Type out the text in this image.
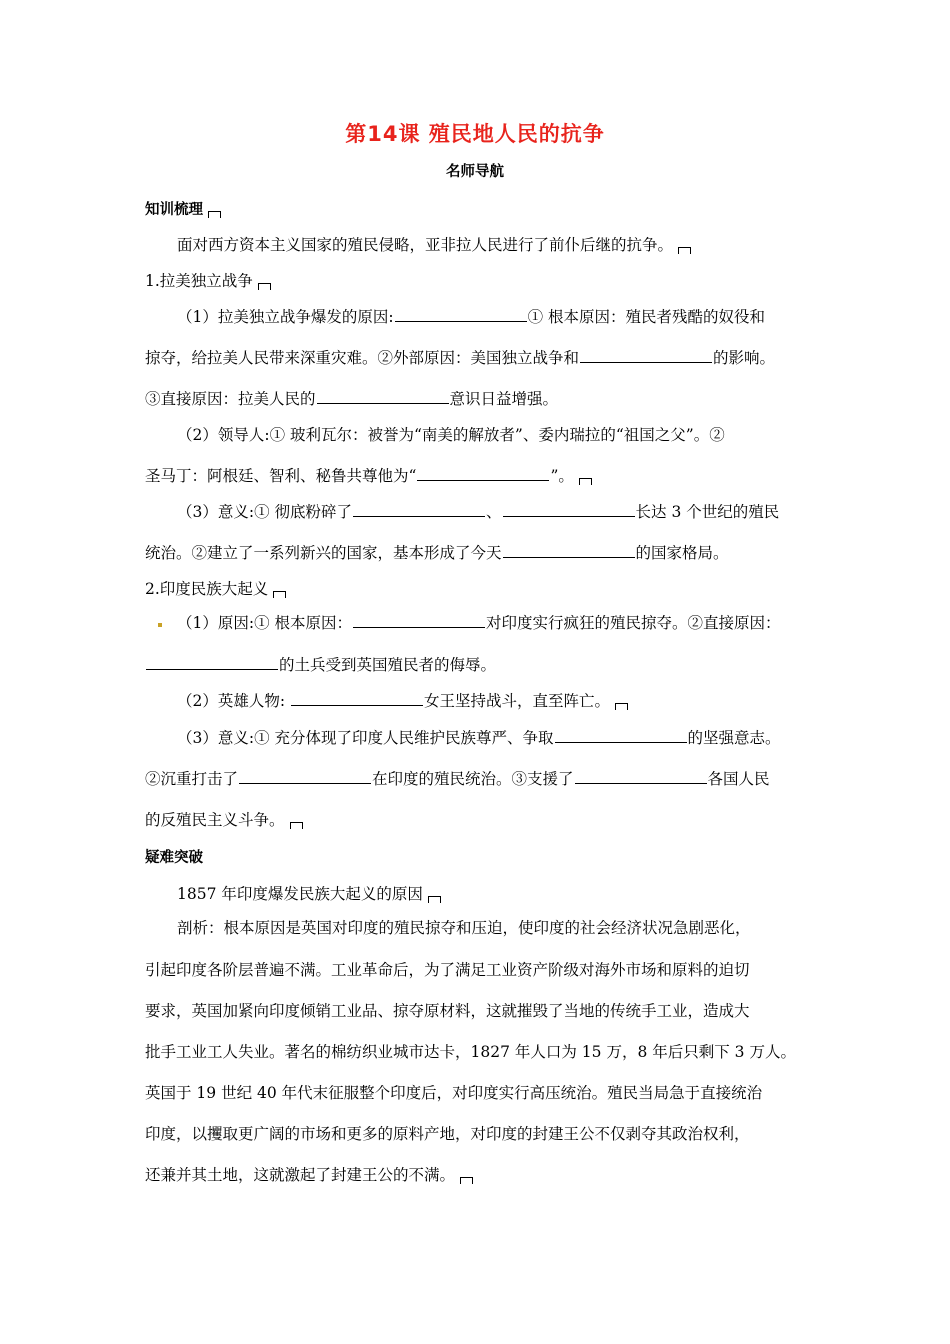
第14课 殖民地人民的抗争
名师导航
知训梳理
面对西方资本主义国家的殖民侵略，亚非拉人民进行了前仆后继的抗争。
1.拉美独立战争
（1）拉美独立战争爆发的原因:	① 根本原因：殖民者残酷的奴役和
掠夺，给拉美人民带来深重灾难。②外部原因：美国独立战争和	的影响。
③直接原因：拉美人民的	意识日益增强。
（2）领导人:① 玻利瓦尔：被誉为“南美的解放者”、委内瑞拉的“祖国之父”。②
圣马丁：阿根廷、智利、秘鲁共尊他为“	”。
（3）意义:① 彻底粉碎了	、	长达 3 个世纪的殖民
统治。②建立了一系列新兴的国家，基本形成了今天	的国家格局。
2.印度民族大起义
（1）原因:① 根本原因：	对印度实行疯狂的殖民掠夺。②直接原因：
的土兵受到英国殖民者的侮辱。
（2）英雄人物:	女王坚持战斗，直至阵亡。
（3）意义:① 充分体现了印度人民维护民族尊严、争取	的坚强意志。
②沉重打击了	在印度的殖民统治。③支援了	各国人民
的反殖民主义斗争。
疑难突破
1857 年印度爆发民族大起义的原因
剖析：根本原因是英国对印度的殖民掠夺和压迫，使印度的社会经济状况急剧恶化，
引起印度各阶层普遍不满。工业革命后，为了满足工业资产阶级对海外市场和原料的迫切
要求，英国加紧向印度倾销工业品、掠夺原材料，这就摧毁了当地的传统手工业，造成大
批手工业工人失业。著名的棉纺织业城市达卡，1827 年人口为 15 万，8 年后只剩下 3 万人。
英国于 19 世纪 40 年代末征服整个印度后，对印度实行高压统治。殖民当局急于直接统治
印度，以攫取更广阔的市场和更多的原料产地，对印度的封建王公不仅剥夺其政治权利，
还兼并其土地，这就激起了封建王公的不满。
